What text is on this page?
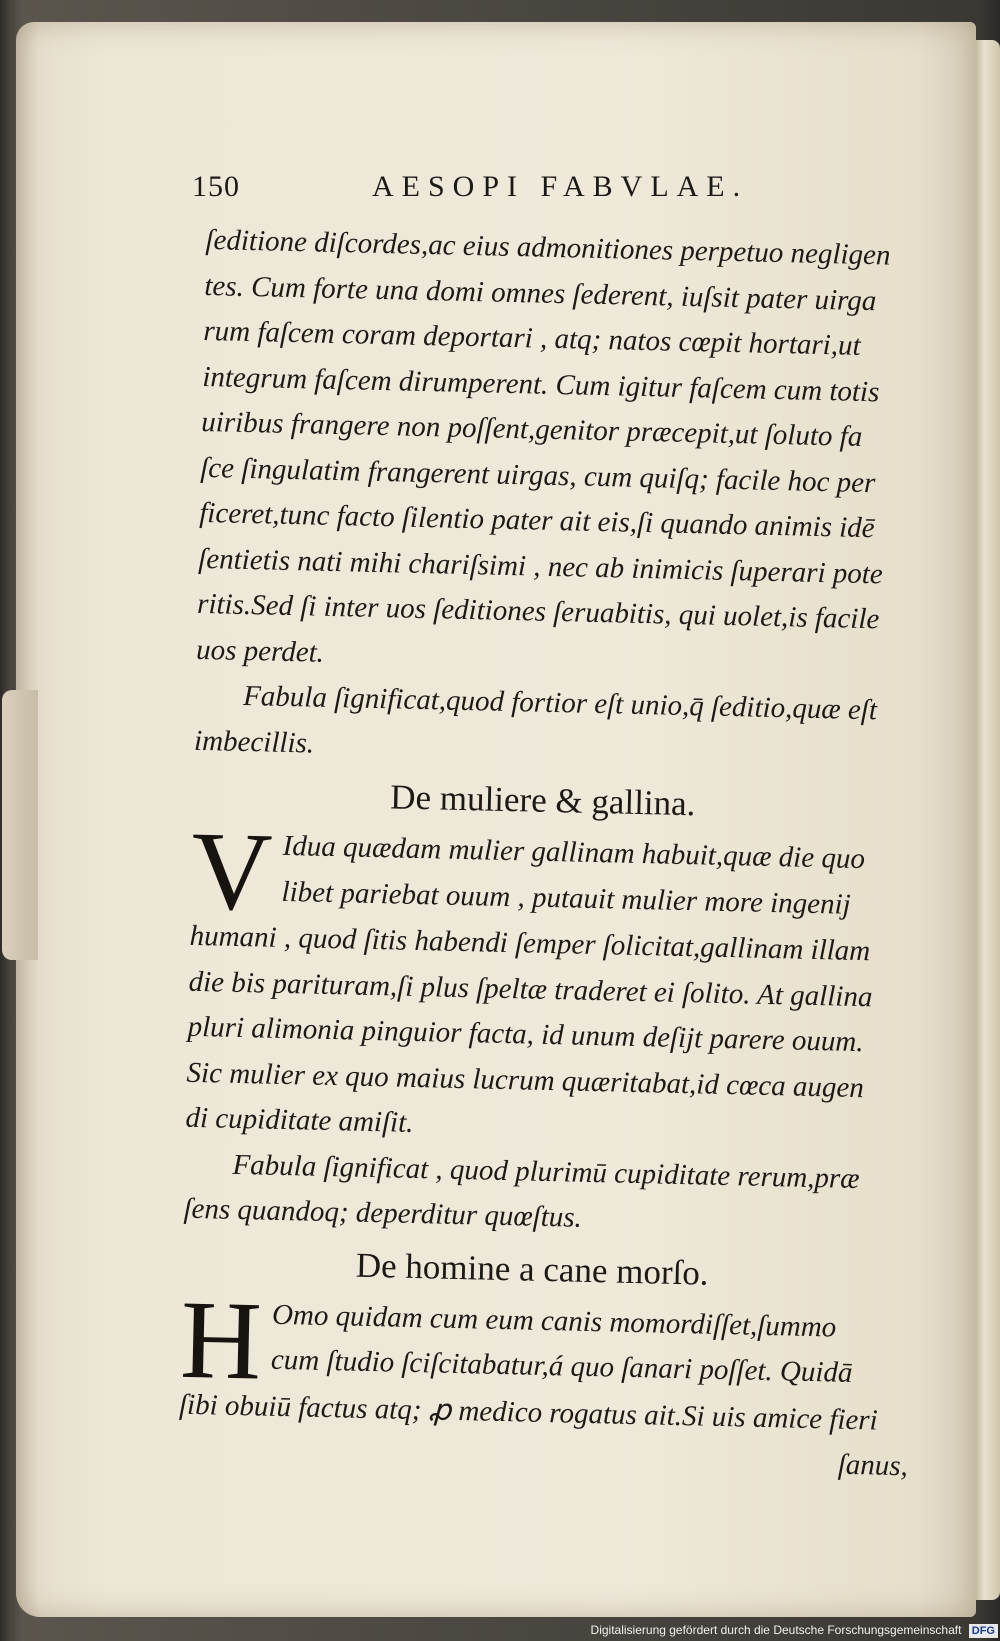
150	AESOPI FABVLAE.
ſeditione diſcordes,ac eius admonitiones perpetuo negligen
tes. Cum forte una domi omnes ſederent, iuſsit pater uirga
rum faſcem coram deportari , atq; natos cœpit hortari,ut
integrum faſcem dirumperent. Cum igitur faſcem cum totis
uiribus frangere non poſſent,genitor præcepit,ut ſoluto fa
ſce ſingulatim frangerent uirgas, cum quiſq; facile hoc per
ficeret,tunc facto ſilentio pater ait eis,ſi quando animis idē
ſentietis nati mihi chariſsimi , nec ab inimicis ſuperari pote
ritis.Sed ſi inter uos ſeditiones ſeruabitis, qui uolet,is facile
uos perdet.
Fabula ſignificat,quod fortior eſt unio,q̄ ſeditio,quæ eſt
imbecillis.
De muliere & gallina.
V Idua quædam mulier gallinam habuit,quæ die quo
libet pariebat ouum , putauit mulier more ingenij
humani , quod ſitis habendi ſemper ſolicitat,gallinam illam
die bis parituram,ſi plus ſpeltæ traderet ei ſolito. At gallina
pluri alimonia pinguior facta, id unum deſijt parere ouum.
Sic mulier ex quo maius lucrum quæritabat,id cœca augen
di cupiditate amiſit.
Fabula ſignificat , quod plurimū cupiditate rerum,præ
ſens quandoq; deperditur quœſtus.
De homine a cane morſo.
H Omo quidam cum eum canis momordiſſet,ſummo
cum ſtudio ſciſcitabatur,á quo ſanari poſſet. Quidā
ſibi obuiū factus atq; ꝓ medico rogatus ait.Si uis amice fieri
ſanus,
Digitalisierung gefördert durch die Deutsche Forschungsgemeinschaft DFG
